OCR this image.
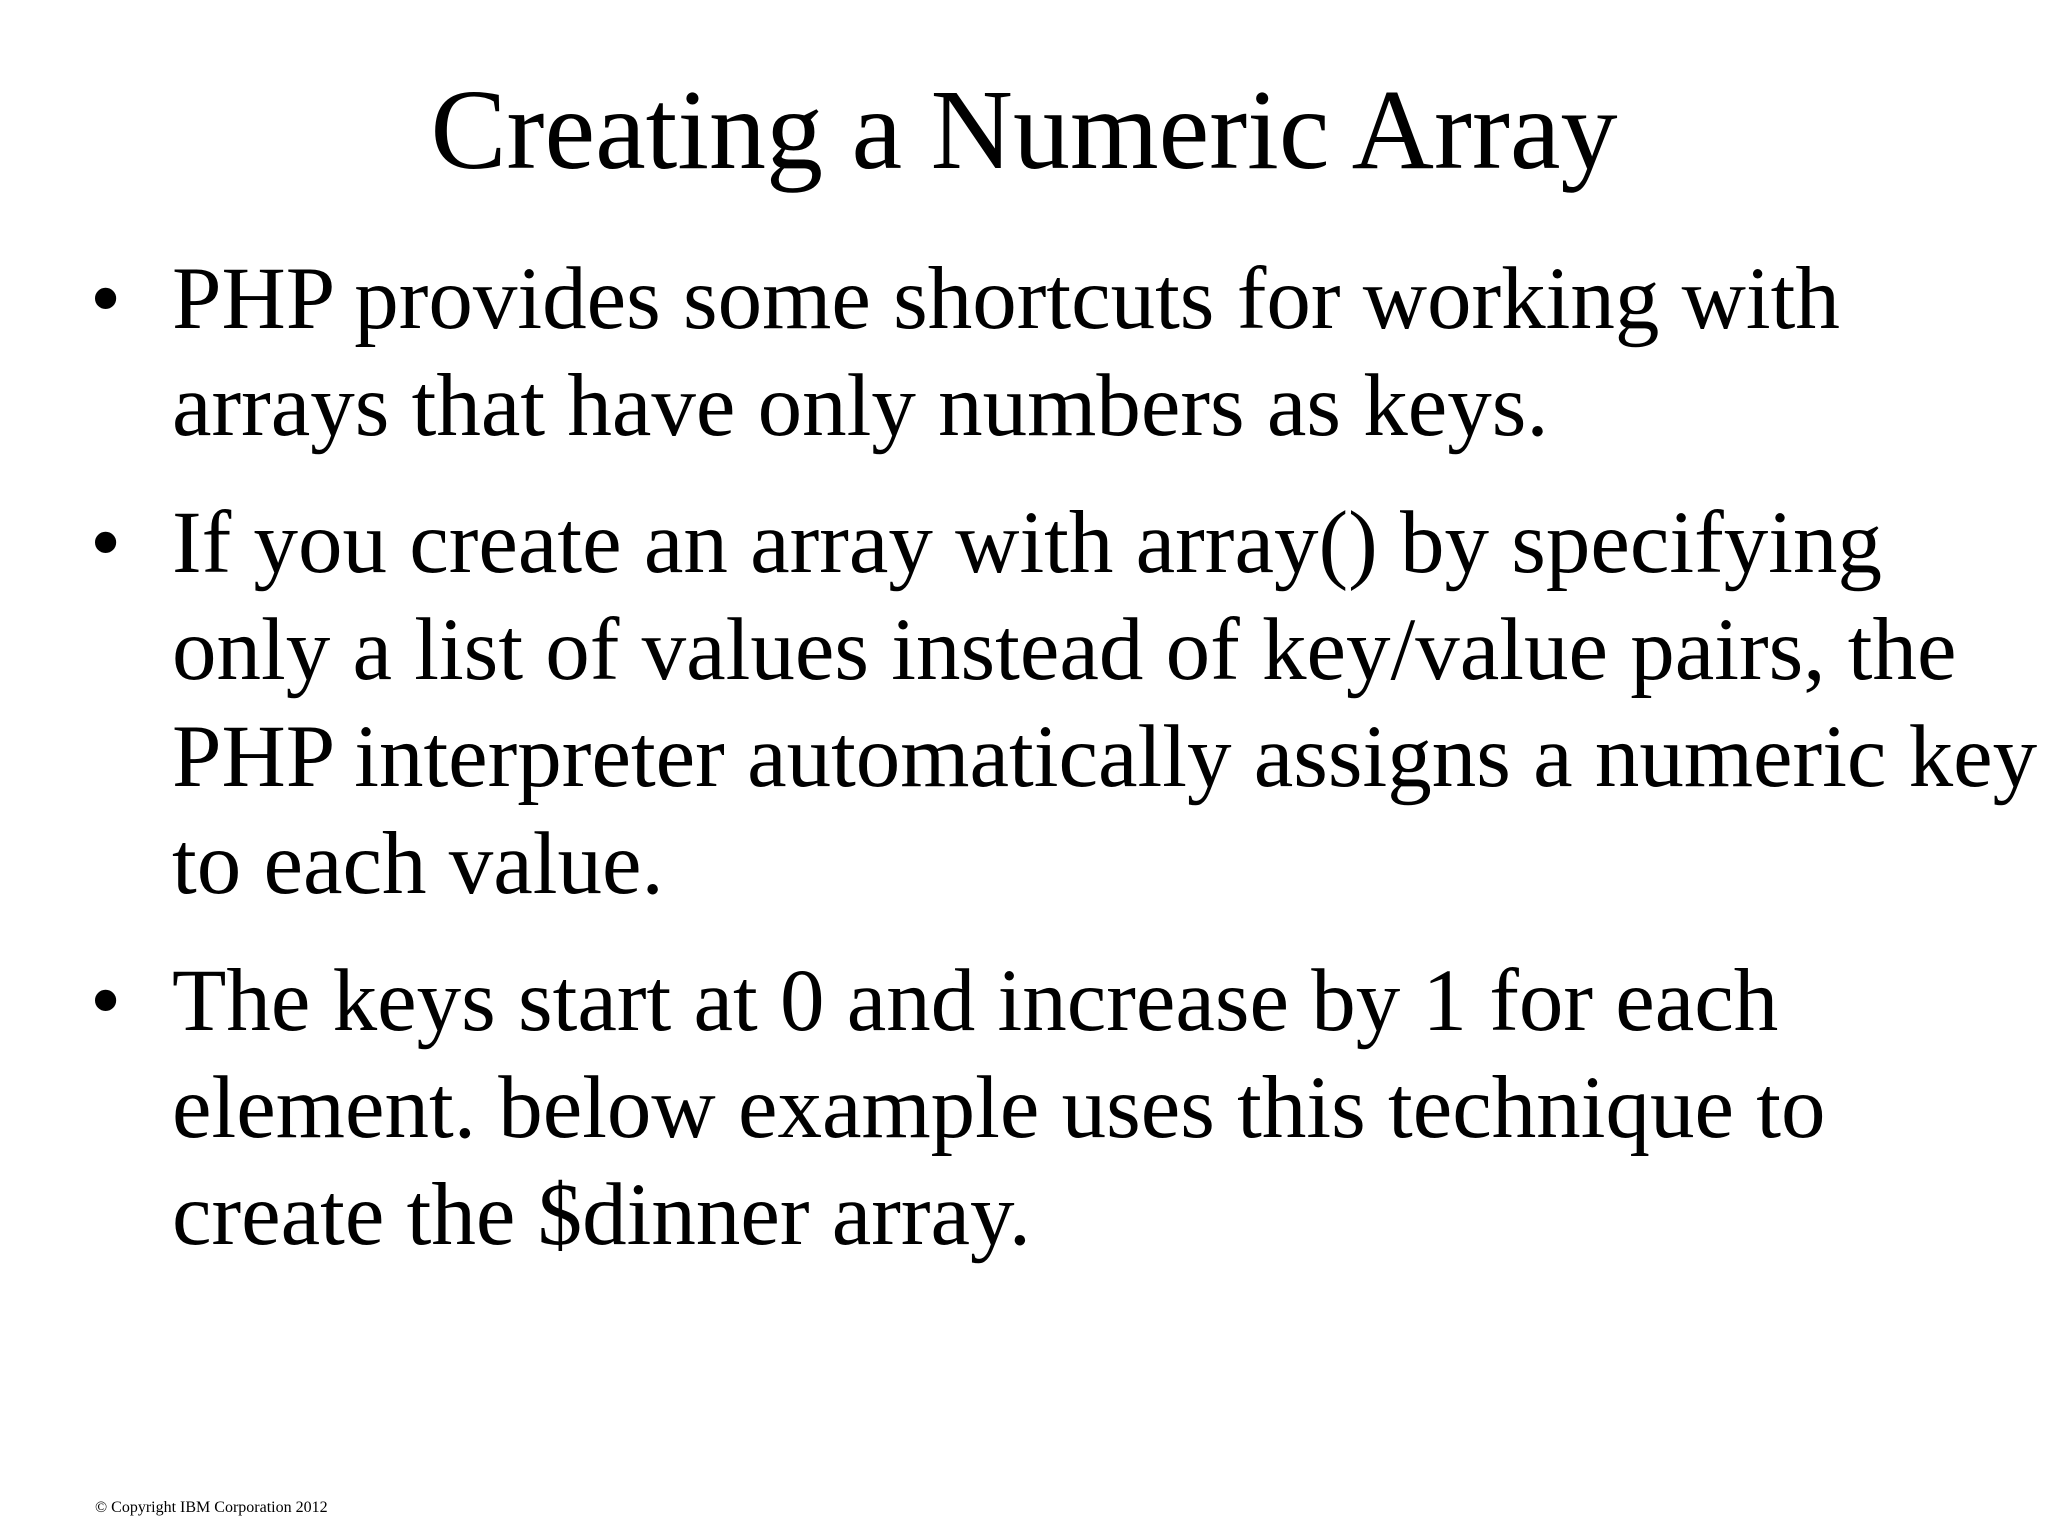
Creating a Numeric Array
• PHP provides some shortcuts for working with arrays that have only numbers as keys.
• If you create an array with array() by specifying only a list of values instead of key/value pairs, the PHP interpreter automatically assigns a numeric key to each value.
• The keys start at 0 and increase by 1 for each element. below example uses this technique to create the $dinner array.
© Copyright IBM Corporation 2012
